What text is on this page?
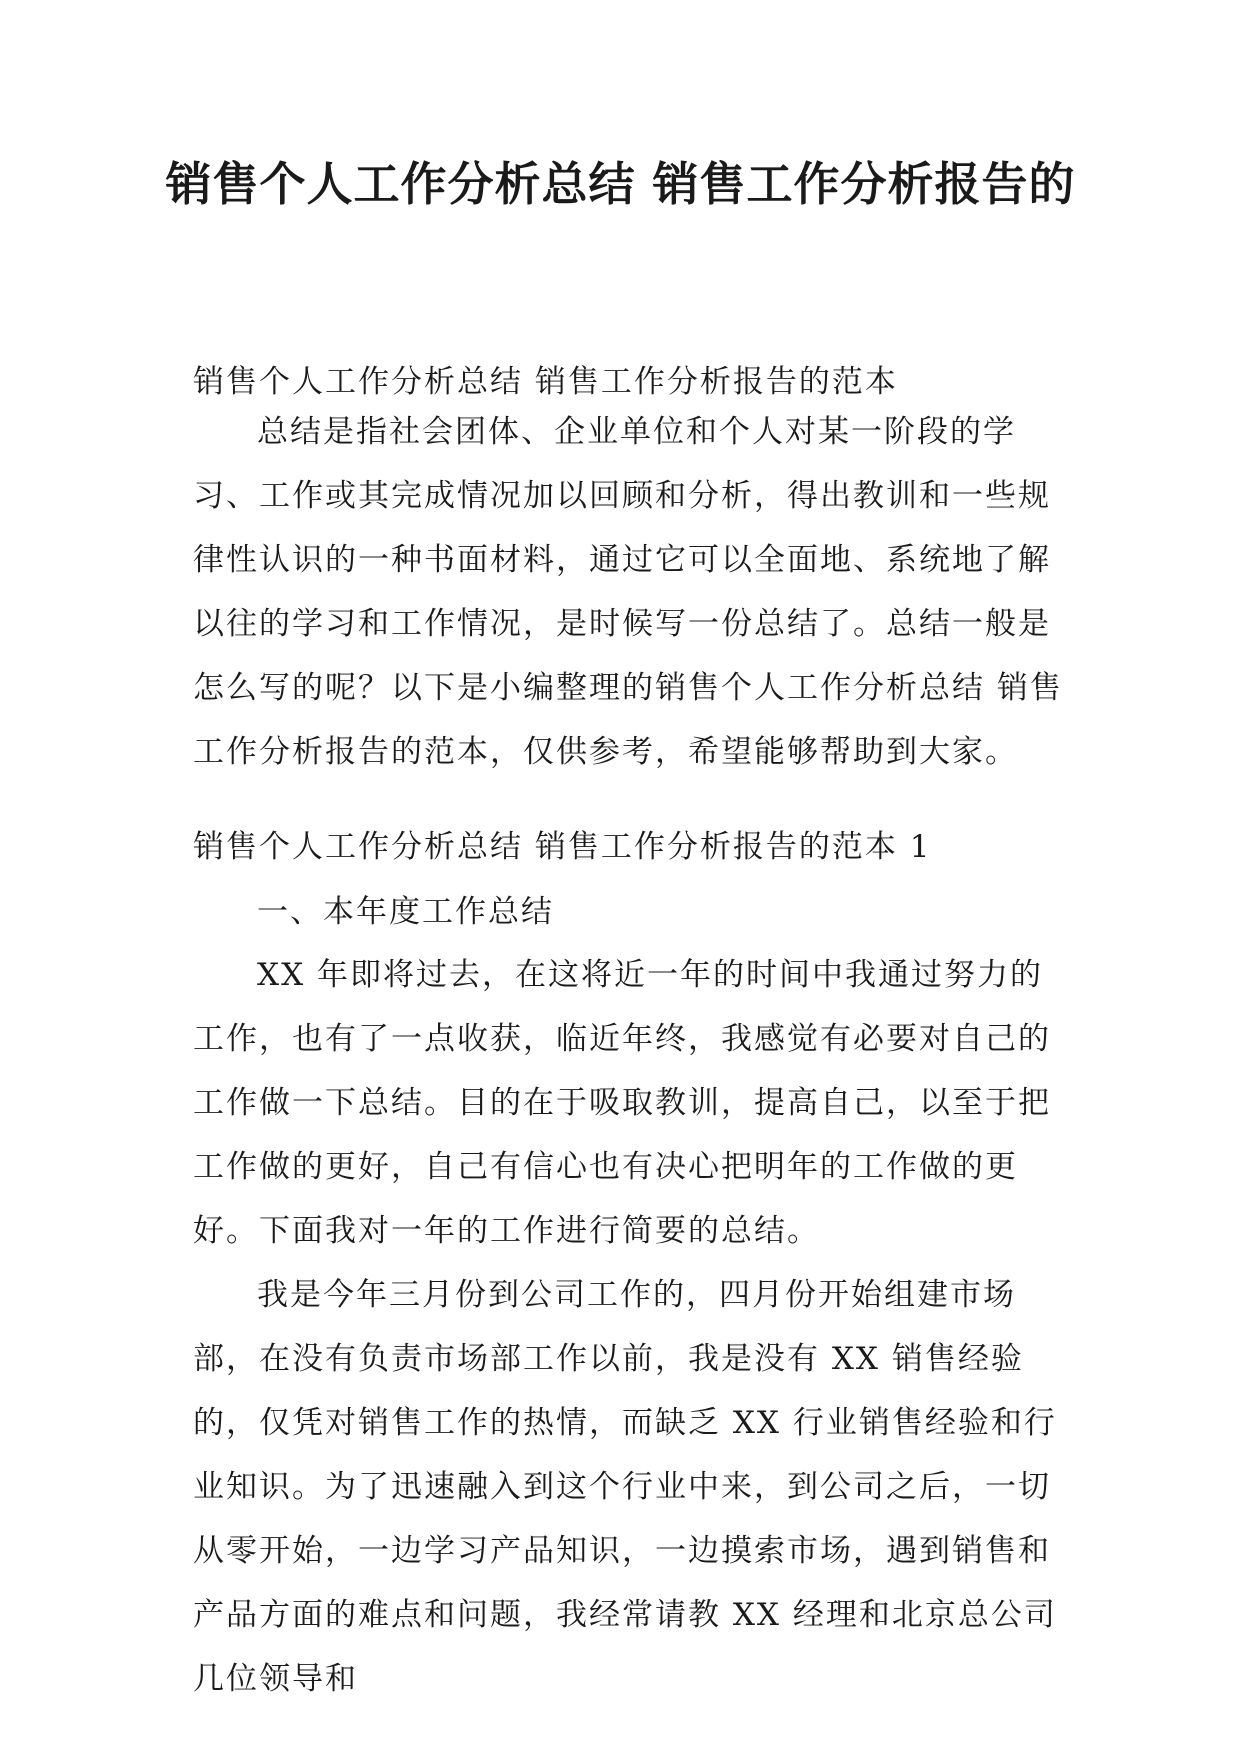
销售个人工作分析总结 销售工作分析报告的

销售个人工作分析总结 销售工作分析报告的范本

总结是指社会团体、企业单位和个人对某一阶段的学习、工作或其完成情况加以回顾和分析，得出教训和一些规律性认识的一种书面材料，通过它可以全面地、系统地了解以往的学习和工作情况，是时候写一份总结了。总结一般是怎么写的呢？以下是小编整理的销售个人工作分析总结 销售工作分析报告的范本，仅供参考，希望能够帮助到大家。

销售个人工作分析总结 销售工作分析报告的范本 1

一、本年度工作总结

XX 年即将过去，在这将近一年的时间中我通过努力的工作，也有了一点收获，临近年终，我感觉有必要对自己的工作做一下总结。目的在于吸取教训，提高自己，以至于把工作做的更好，自己有信心也有决心把明年的工作做的更好。下面我对一年的工作进行简要的总结。

我是今年三月份到公司工作的，四月份开始组建市场部，在没有负责市场部工作以前，我是没有 XX 销售经验的，仅凭对销售工作的热情，而缺乏 XX 行业销售经验和行业知识。为了迅速融入到这个行业中来，到公司之后，一切从零开始，一边学习产品知识，一边摸索市场，遇到销售和产品方面的难点和问题，我经常请教 XX 经理和北京总公司几位领导和
